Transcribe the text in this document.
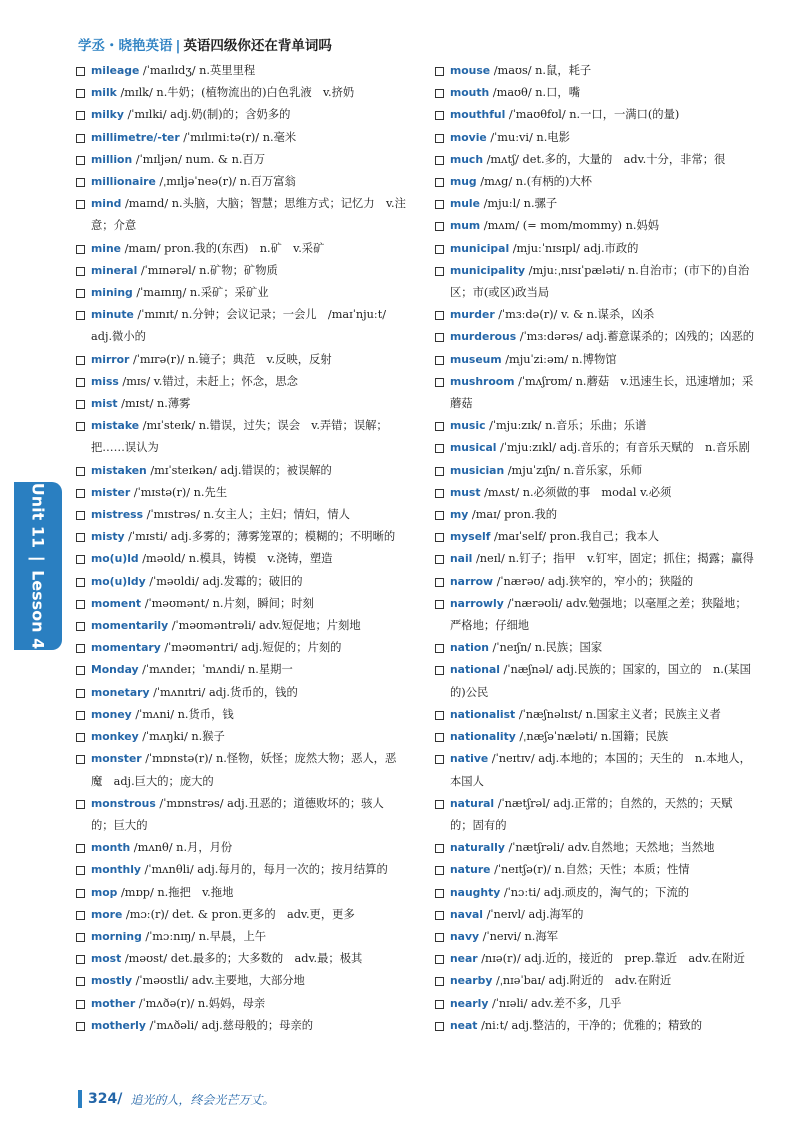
学丞・晓艳英语 | 英语四级你还在背单词吗
mileage /ˈmaɪlɪdʒ/ n.英里里程
milk /mɪlk/ n.牛奶；(植物流出的)白色乳液　v.挤奶
milky /ˈmɪlki/ adj.奶(制)的；含奶多的
millimetre/-ter /ˈmɪlɪmiːtə(r)/ n.毫米
million /ˈmɪljən/ num. & n.百万
millionaire /ˌmɪljəˈneə(r)/ n.百万富翁
mind /maɪnd/ n.头脑，大脑；智慧；思维方式；记忆力　v.注意；介意
mine /maɪn/ pron.我的(东西)　n.矿　v.采矿
mineral /ˈmɪnərəl/ n.矿物；矿物质
mining /ˈmaɪnɪŋ/ n.采矿；采矿业
minute /ˈmɪnɪt/ n.分钟；会议记录；一会儿　/maɪˈnjuːt/ adj.微小的
mirror /ˈmɪrə(r)/ n.镜子；典范　v.反映，反射
miss /mɪs/ v.错过，未赶上；怀念，思念
mist /mɪst/ n.薄雾
mistake /mɪˈsteɪk/ n.错误，过失；误会　v.弄错；误解；把……误认为
mistaken /mɪˈsteɪkən/ adj.错误的；被误解的
mister /ˈmɪstə(r)/ n.先生
mistress /ˈmɪstrəs/ n.女主人；主妇；情妇，情人
misty /ˈmɪsti/ adj.多雾的；薄雾笼罩的；模糊的；不明晰的
mo(u)ld /məʊld/ n.模具，铸模　v.浇铸，塑造
mo(u)ldy /ˈməʊldi/ adj.发霉的；破旧的
moment /ˈməʊmənt/ n.片刻，瞬间；时刻
momentarily /ˈməʊməntrəli/ adv.短促地；片刻地
momentary /ˈməʊməntri/ adj.短促的；片刻的
Monday /ˈmʌndeɪ；ˈmʌndi/ n.星期一
monetary /ˈmʌnɪtri/ adj.货币的，钱的
money /ˈmʌni/ n.货币，钱
monkey /ˈmʌŋki/ n.猴子
monster /ˈmɒnstə(r)/ n.怪物，妖怪；庞然大物；恶人，恶魔　adj.巨大的；庞大的
monstrous /ˈmɒnstrəs/ adj.丑恶的；道德败坏的；骇人的；巨大的
month /mʌnθ/ n.月，月份
monthly /ˈmʌnθli/ adj.每月的，每月一次的；按月结算的
mop /mɒp/ n.拖把　v.拖地
more /mɔː(r)/ det. & pron.更多的　adv.更，更多
morning /ˈmɔːnɪŋ/ n.早晨，上午
most /məʊst/ det.最多的；大多数的　adv.最；极其
mostly /ˈməʊstli/ adv.主要地，大部分地
mother /ˈmʌðə(r)/ n.妈妈，母亲
motherly /ˈmʌðəli/ adj.慈母般的；母亲的
mouse /maʊs/ n.鼠，耗子
mouth /maʊθ/ n.口，嘴
mouthful /ˈmaʊθfʊl/ n.一口，一满口(的量)
movie /ˈmuːvi/ n.电影
much /mʌtʃ/ det.多的，大量的　adv.十分，非常；很
mug /mʌg/ n.(有柄的)大杯
mule /mjuːl/ n.骡子
mum /mʌm/ (= mom/mommy) n.妈妈
municipal /mjuːˈnɪsɪpl/ adj.市政的
municipality /mjuːˌnɪsɪˈpæləti/ n.自治市；(市下的)自治区；市(或区)政当局
murder /ˈmɜːdə(r)/ v. & n.谋杀，凶杀
murderous /ˈmɜːdərəs/ adj.蓄意谋杀的；凶残的；凶恶的
museum /mjuˈziːəm/ n.博物馆
mushroom /ˈmʌʃrʊm/ n.蘑菇　v.迅速生长，迅速增加；采蘑菇
music /ˈmjuːzɪk/ n.音乐；乐曲；乐谱
musical /ˈmjuːzɪkl/ adj.音乐的；有音乐天赋的　n.音乐剧
musician /mjuˈzɪʃn/ n.音乐家，乐师
must /mʌst/ n.必须做的事　modal v.必须
my /maɪ/ pron.我的
myself /maɪˈself/ pron.我自己；我本人
nail /neɪl/ n.钉子；指甲　v.钉牢，固定；抓住；揭露；赢得
narrow /ˈnærəʊ/ adj.狭窄的，窄小的；狭隘的
narrowly /ˈnærəʊli/ adv.勉强地；以毫厘之差；狭隘地；严格地；仔细地
nation /ˈneɪʃn/ n.民族；国家
national /ˈnæʃnəl/ adj.民族的；国家的，国立的　n.(某国的)公民
nationalist /ˈnæʃnəlɪst/ n.国家主义者；民族主义者
nationality /ˌnæʃəˈnæləti/ n.国籍；民族
native /ˈneɪtɪv/ adj.本地的；本国的；天生的　n.本地人，本国人
natural /ˈnætʃrəl/ adj.正常的；自然的，天然的；天赋的；固有的
naturally /ˈnætʃrəli/ adv.自然地；天然地；当然地
nature /ˈneɪtʃə(r)/ n.自然；天性；本质；性情
naughty /ˈnɔːti/ adj.顽皮的，淘气的；下流的
naval /ˈneɪvl/ adj.海军的
navy /ˈneɪvi/ n.海军
near /nɪə(r)/ adj.近的，接近的　prep.靠近　adv.在附近
nearby /ˌnɪəˈbaɪ/ adj.附近的　adv.在附近
nearly /ˈnɪəli/ adv.差不多，几乎
neat /niːt/ adj.整洁的，干净的；优雅的；精致的
Unit 11Lesson 4
324/ 追光的人，终会光芒万丈。
